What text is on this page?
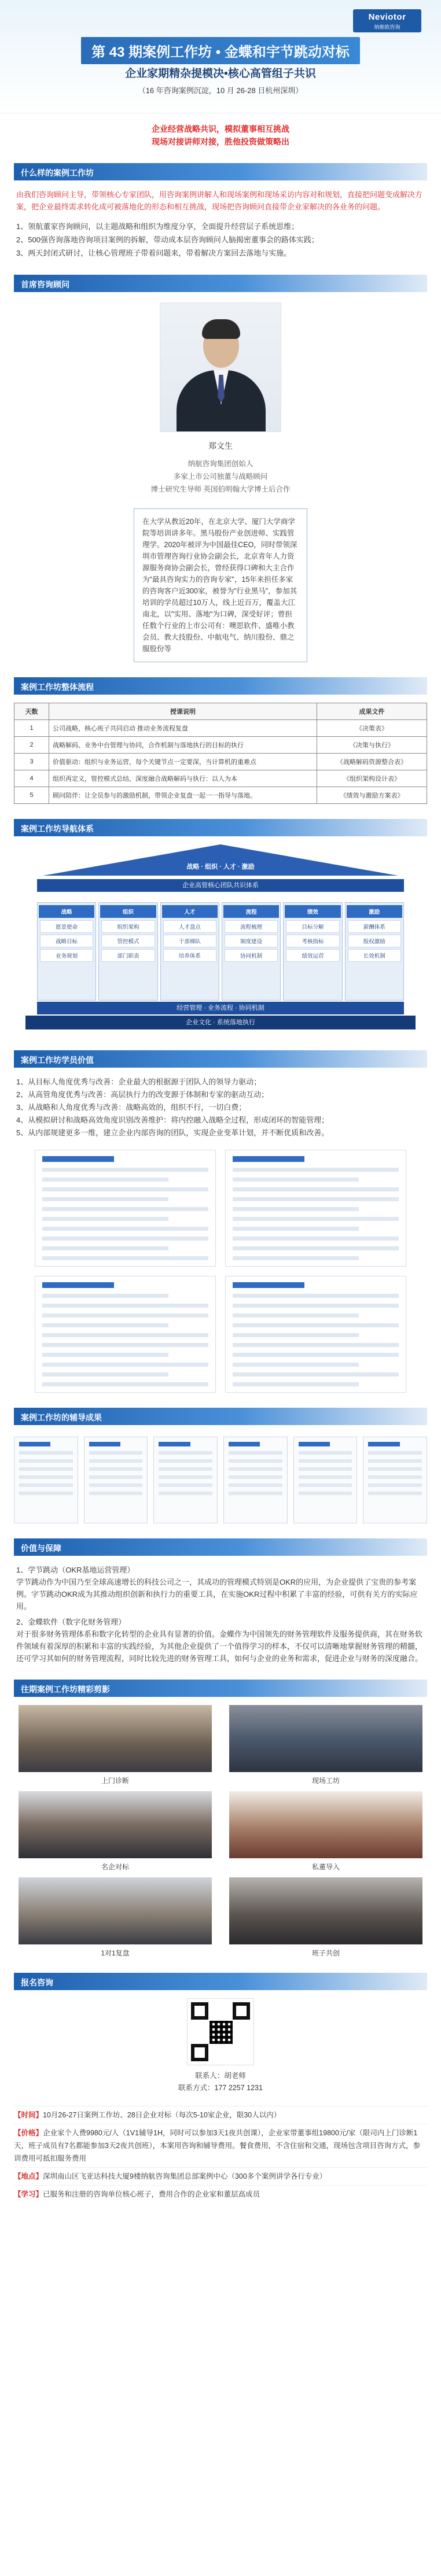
Neviotor
纳维欧咨询
第 43 期案例工作坊 • 金蝶和宇节跳动对标
企业家期精杂提模决•核心高管组子共识
（16 年咨询案例沉淀，10 月 26-28 日杭州深圳）
企业经营战略共识，模拟董事相互挑战
现场对接讲师对接，胜他投资做策略出
什么样的案例工作坊
由我们咨询顾问主导，带领核心专家团队，用咨询案例讲解人和现场案例和现场采访内容对和规划，直接把问题变成解决方案，把企业最终需求转化成可被落地化的形态和相互挑战，现场把咨询顾问直接带企业家解决的各业务的问题。
1、领航董家咨询顾问，以主题战略和组织为维度分享，全面提升经营层子系统思维；
2、500强咨询落地咨询项目案例的拆解，带动成本层咨询顾问人脑揭密董事会的路体实践；
3、两天封闭式研讨，让核心管理班子带着问题来，带着解决方案回去落地与实施。
首席咨询顾问
郑文生
纳航咨询集团创始人
多家上市公司独董与战略顾问
博士研究生导师 英国伯明翰大学博士后合作
在大学从教近20年，在北京大学、厦门大学商学院等培训讲多年。黑马股份产业创进师、实践管理学。2020年被评为中国最佳CEO，同时带领深圳市管理咨询行业协会副会长，北京青年人力资源服务商协会副会长，曾经获得口碑和大主合作为"最具咨询实力的咨询专家"，15年来担任多家的咨询客户近300家，被誉为"行业黑马"，参加其培训的学员超过10万人，线上近百万，覆盖大江南北，以"实用、落地"为口碑，深受好评；曾担任数个行业的上市公司有：噢思软件、盛唯小教会员、教大技股份、中航电气、纳川股份、鼎之服股份等
案例工作坊整体流程
天数	授课说明	成果文件
1	公司战略，核心班子共同启动 推动业务流程复盘	《决策表》
2	战略解码、业务中台管理与协同，合作机制与落地执行的目标的执行	《决策与执行》
3	价值驱动：组织与业务运营，每个关键节点一定要深，当计算机的重难点	《战略解码资源整合表》
4	组织再定义，管控模式总结，深度融合战略解码与执行：以人为本	《组织架构设计表》
5	顾问陪伴：让全员参与的激励机制，带领企业复盘一起一一指导与落地。	《绩效与激励方案表》
案例工作坊导航体系
战略 · 组织 · 人才 · 激励
企业高管核心团队共识体系
战略
愿景使命
战略目标
业务规划
组织
组织架构
管控模式
部门职责
人才
人才盘点
干部梯队
培养体系
流程
流程梳理
制度建设
协同机制
绩效
目标分解
考核指标
绩效运营
激励
薪酬体系
股权激励
长效机制
经营管理 · 业务流程 · 协同机制
企业文化 · 系统落地执行
案例工作坊学员价值
1、从目标人角度优秀与改善：企业最大的根据源于团队人的领导力驱动；
2、从高管角度优秀与改善：高层执行力的改变源于体制和专家的驱动互动；
3、从战略和人角度优秀与改善：战略高效的，组织不行，一切白费；
4、从模拟研讨和战略高效角度识别改善维护：将内控融入战略全过程，形成闭环的智能管理；
5、从内部规建更多一维，建立企业内部咨询的团队，实现企业变革计划，并不断优质和改善。
案例工作坊的辅导成果
价值与保障
1、学节跳动（OKR基地运营管理）
学节跳动作为中国乃至全球高速增长的科技公司之一，其成功的管理模式特别是OKR的应用，为企业提供了宝贵的参考案例。字节跳动OKR成为其推动组织创新和执行力的重要工具，在实施OKR过程中积累了丰富的经验，可供有关方的实际应用。
2、金蝶软件（数字化财务管理）
对于很多财务管理体系和数字化转型的企业具有显著的价值。金蝶作为中国领先的财务管理软件及服务提供商，其在财务软件领域有着深厚的积累和丰富的实践经验，为其他企业提供了一个值得学习的样本，不仅可以清晰地掌握财务管理的精髓，还可学习其如何的财务管理流程，同时比较先进的财务管理工具，如何与企业的业务和需求，促进企业与财务的深度融合。
往期案例工作坊精彩剪影
上门诊断	现场工坊
名企对标	私董导入
1对1复盘	班子共创
报名咨询
联系人：胡老师
联系方式：177 2257 1231

【时间】10月26-27日案例工作坊、28日企业对标（每次5-10家企业，限30人以内）

【价格】企业家个人费9980元/人（1V1辅导1H，同时可以参加3天1夜共创课），企业家带董事组19800元/家（限司内上门诊断1天，班子成员有7名都能参加3天2夜共创班），本案用咨询和辅导费用。餐食费用，不含住宿和交通，现场包含项目咨询方式，参训费用可抵扣服务费用

【地点】深圳南山区飞亚达科技大厦9楼纳航咨询集团总部案例中心（300多个案例讲学各行专业）

【学习】已服务和注册的咨询单位核心班子，费用合作的企业家和董层高成员
